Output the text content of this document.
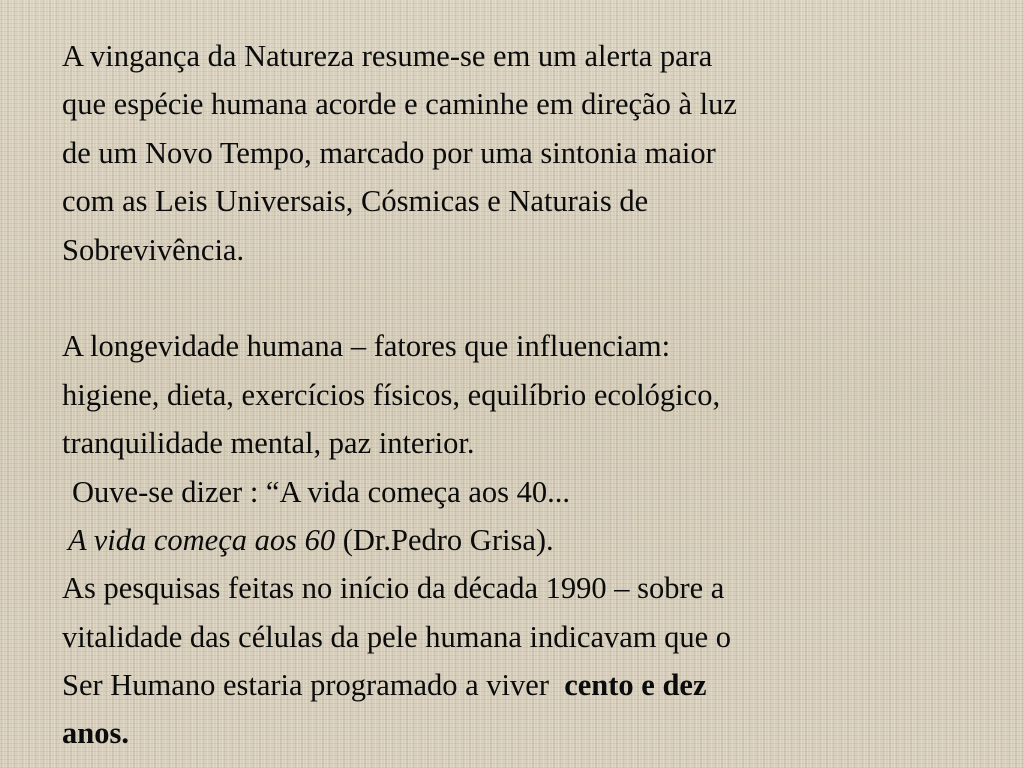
A vingança da Natureza resume-se em um alerta para
que espécie humana acorde e caminhe em direção à luz
de um Novo Tempo, marcado por uma sintonia maior
com as Leis Universais, Cósmicas e Naturais de
Sobrevivência.
A longevidade humana – fatores que influenciam:
higiene, dieta, exercícios físicos, equilíbrio ecológico,
tranquilidade mental, paz interior.
Ouve-se dizer : “A vida começa aos 40...
A vida começa aos 60 (Dr.Pedro Grisa).
As pesquisas feitas no início da década 1990 – sobre a
vitalidade das células da pele humana indicavam que o
Ser Humano estaria programado a viver cento e dez
anos.
